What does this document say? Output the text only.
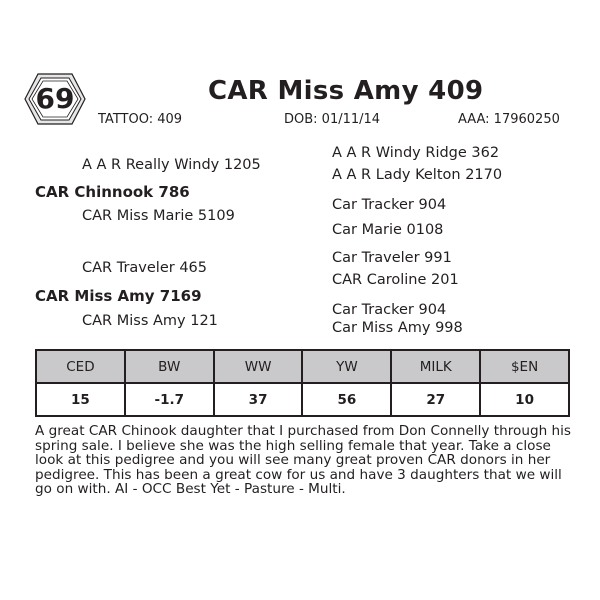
69	CAR Miss Amy 409
TATTOO: 409	DOB: 01/11/14	AAA: 17960250
A A R Really Windy 1205
A A R Windy Ridge 362
A A R Lady Kelton 2170
CAR Chinnook 786
CAR Miss Marie 5109
Car Tracker 904
Car Marie 0108
CAR Traveler 465
Car Traveler 991
CAR Caroline 201
CAR Miss Amy 7169
CAR Miss Amy 121
Car Tracker 904
Car Miss Amy 998
CED	BW	WW	YW	MILK	$EN
15	-1.7	37	56	27	10
A great CAR Chinook daughter that I purchased from Don Connelly through his spring sale. I believe she was the high selling female that year. Take a close look at this pedigree and you will see many great proven CAR donors in her pedigree. This has been a great cow for us and have 3 daughters that we will go on with. AI - OCC Best Yet - Pasture - Multi.
